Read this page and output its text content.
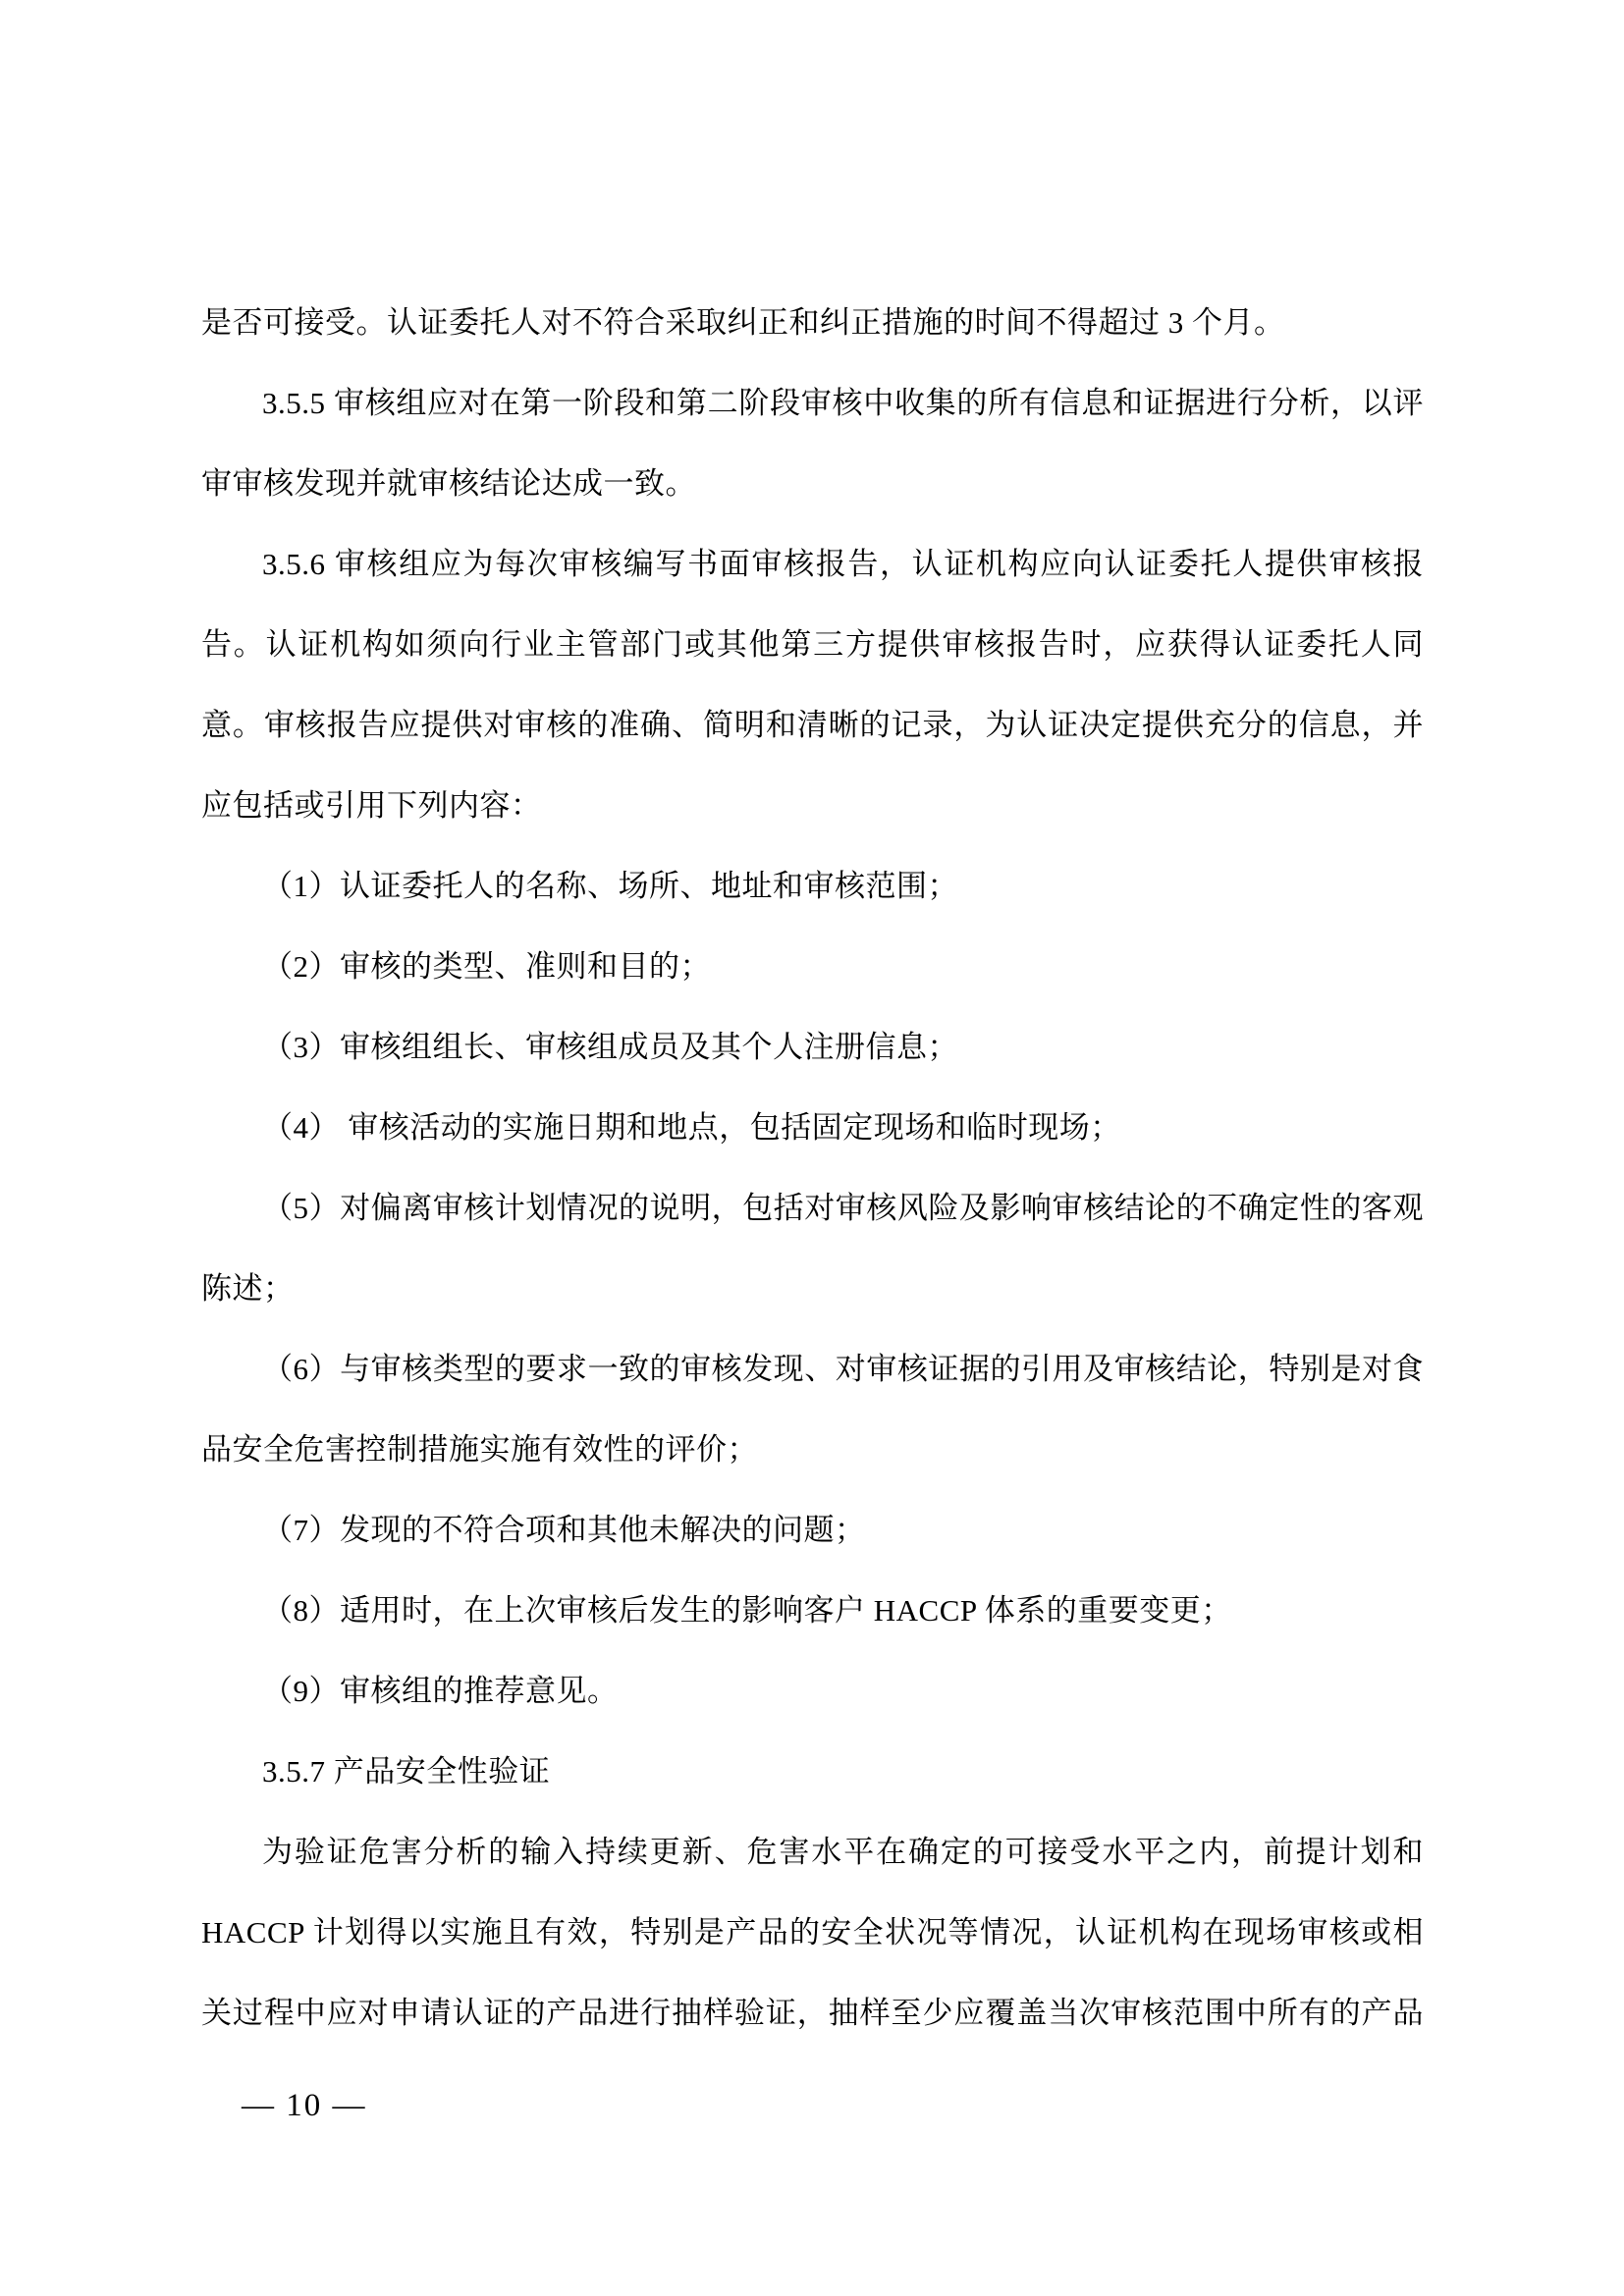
是否可接受。认证委托人对不符合采取纠正和纠正措施的时间不得超过 3 个月。

3.5.5 审核组应对在第一阶段和第二阶段审核中收集的所有信息和证据进行分析，以评审审核发现并就审核结论达成一致。

3.5.6 审核组应为每次审核编写书面审核报告，认证机构应向认证委托人提供审核报告。认证机构如须向行业主管部门或其他第三方提供审核报告时，应获得认证委托人同意。审核报告应提供对审核的准确、简明和清晰的记录，为认证决定提供充分的信息，并应包括或引用下列内容：

（1）认证委托人的名称、场所、地址和审核范围；

（2）审核的类型、准则和目的；

（3）审核组组长、审核组成员及其个人注册信息；

（4） 审核活动的实施日期和地点，包括固定现场和临时现场；

（5）对偏离审核计划情况的说明，包括对审核风险及影响审核结论的不确定性的客观陈述；

（6）与审核类型的要求一致的审核发现、对审核证据的引用及审核结论，特别是对食品安全危害控制措施实施有效性的评价；

（7）发现的不符合项和其他未解决的问题；

（8）适用时，在上次审核后发生的影响客户 HACCP 体系的重要变更；

（9）审核组的推荐意见。

3.5.7 产品安全性验证

为验证危害分析的输入持续更新、危害水平在确定的可接受水平之内，前提计划和 HACCP 计划得以实施且有效，特别是产品的安全状况等情况，认证机构在现场审核或相关过程中应对申请认证的产品进行抽样验证，抽样至少应覆盖当次审核范围中所有的产品

— 10 —
